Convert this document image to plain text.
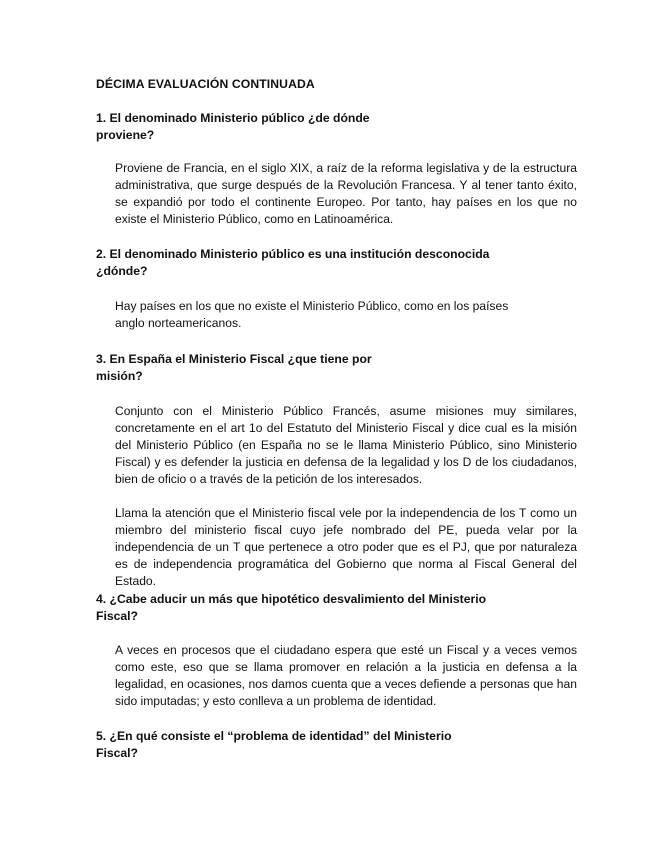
DÉCIMA EVALUACIÓN CONTINUADA
1. El denominado Ministerio público ¿de dónde
proviene?
Proviene de Francia, en el siglo XIX, a raíz de la reforma legislativa y de la estructura administrativa, que surge después de la Revolución Francesa. Y al tener tanto éxito, se expandió por todo el continente Europeo. Por tanto, hay países en los que no existe el Ministerio Público, como en Latinoamérica.
2. El denominado Ministerio público es una institución desconocida
¿dónde?
Hay países en los que no existe el Ministerio Público, como en los países anglo norteamericanos.
3. En España el Ministerio Fiscal ¿que tiene por
misión?
Conjunto con el Ministerio Público Francés, asume misiones muy similares, concretamente en el art 1o del Estatuto del Ministerio Fiscal y dice cual es la misión del Ministerio Público (en España no se le llama Ministerio Público, sino Ministerio Fiscal) y es defender la justicia en defensa de la legalidad y los D de los ciudadanos, bien de oficio o a través de la petición de los interesados.
Llama la atención que el Ministerio fiscal vele por la independencia de los T como un miembro del ministerio fiscal cuyo jefe nombrado del PE, pueda velar por la independencia de un T que pertenece a otro poder que es el PJ, que por naturaleza es de independencia programática del Gobierno que norma al Fiscal General del Estado.
4. ¿Cabe aducir un más que hipotético desvalimiento del Ministerio
Fiscal?
A veces en procesos que el ciudadano espera que esté un Fiscal y a veces vemos como este, eso que se llama promover en relación a la justicia en defensa a la legalidad, en ocasiones, nos damos cuenta que a veces defiende a personas que han sido imputadas; y esto conlleva a un problema de identidad.
5. ¿En qué consiste el “problema de identidad” del Ministerio
Fiscal?
